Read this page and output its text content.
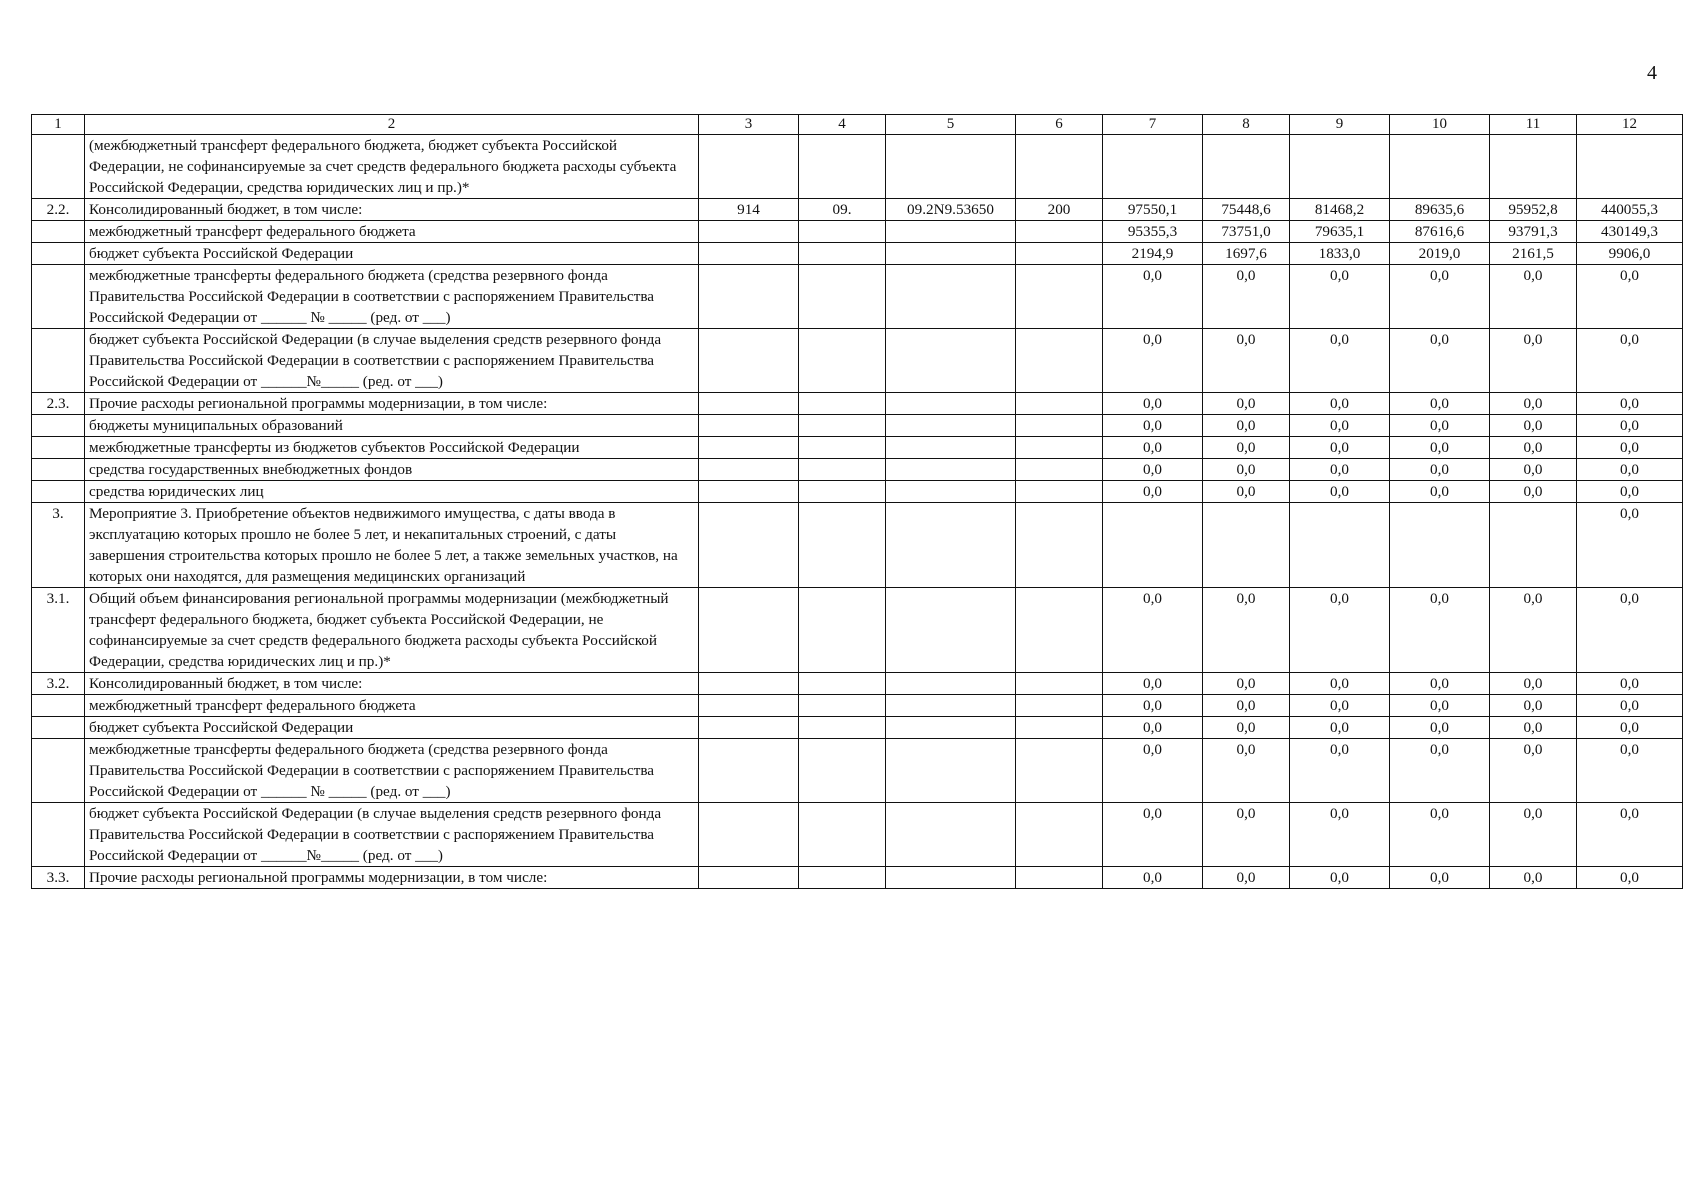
4
1	2	3	4	5	6	7	8	9	10	11	12
	(межбюджетный трансферт федерального бюджета, бюджет субъекта Российской Федерации, не софинансируемые за счет средств федерального бюджета расходы субъекта Российской Федерации, средства юридических лиц и пр.)*										
2.2.	Консолидированный бюджет, в том числе:	914	09.	09.2N9.53650	200	97550,1	75448,6	81468,2	89635,6	95952,8	440055,3
	межбюджетный трансферт федерального бюджета					95355,3	73751,0	79635,1	87616,6	93791,3	430149,3
	бюджет субъекта Российской Федерации					2194,9	1697,6	1833,0	2019,0	2161,5	9906,0
	межбюджетные трансферты федерального бюджета (средства резервного фонда Правительства Российской Федерации в соответствии с распоряжением Правительства Российской Федерации от ______ № _____ (ред. от ___)					0,0	0,0	0,0	0,0	0,0	0,0
	бюджет субъекта Российской Федерации (в случае выделения средств резервного фонда Правительства Российской Федерации в соответствии с распоряжением Правительства Российской Федерации от ______№_____ (ред. от ___)					0,0	0,0	0,0	0,0	0,0	0,0
2.3.	Прочие расходы региональной программы модернизации, в том числе:					0,0	0,0	0,0	0,0	0,0	0,0
	бюджеты муниципальных образований					0,0	0,0	0,0	0,0	0,0	0,0
	межбюджетные трансферты из бюджетов субъектов Российской Федерации					0,0	0,0	0,0	0,0	0,0	0,0
	средства государственных внебюджетных фондов					0,0	0,0	0,0	0,0	0,0	0,0
	средства юридических лиц					0,0	0,0	0,0	0,0	0,0	0,0
3.	Мероприятие 3. Приобретение объектов недвижимого имущества, с даты ввода в эксплуатацию которых прошло не более 5 лет, и некапитальных строений, с даты завершения строительства которых прошло не более 5 лет, а также земельных участков, на которых они находятся, для размещения медицинских организаций										0,0
3.1.	Общий объем финансирования региональной программы модернизации (межбюджетный трансферт федерального бюджета, бюджет субъекта Российской Федерации, не софинансируемые за счет средств федерального бюджета расходы субъекта Российской Федерации, средства юридических лиц и пр.)*					0,0	0,0	0,0	0,0	0,0	0,0
3.2.	Консолидированный бюджет, в том числе:					0,0	0,0	0,0	0,0	0,0	0,0
	межбюджетный трансферт федерального бюджета					0,0	0,0	0,0	0,0	0,0	0,0
	бюджет субъекта Российской Федерации					0,0	0,0	0,0	0,0	0,0	0,0
	межбюджетные трансферты федерального бюджета (средства резервного фонда Правительства Российской Федерации в соответствии с распоряжением Правительства Российской Федерации от ______ № _____ (ред. от ___)					0,0	0,0	0,0	0,0	0,0	0,0
	бюджет субъекта Российской Федерации (в случае выделения средств резервного фонда Правительства Российской Федерации в соответствии с распоряжением Правительства Российской Федерации от ______№_____ (ред. от ___)					0,0	0,0	0,0	0,0	0,0	0,0
3.3.	Прочие расходы региональной программы модернизации, в том числе:					0,0	0,0	0,0	0,0	0,0	0,0
